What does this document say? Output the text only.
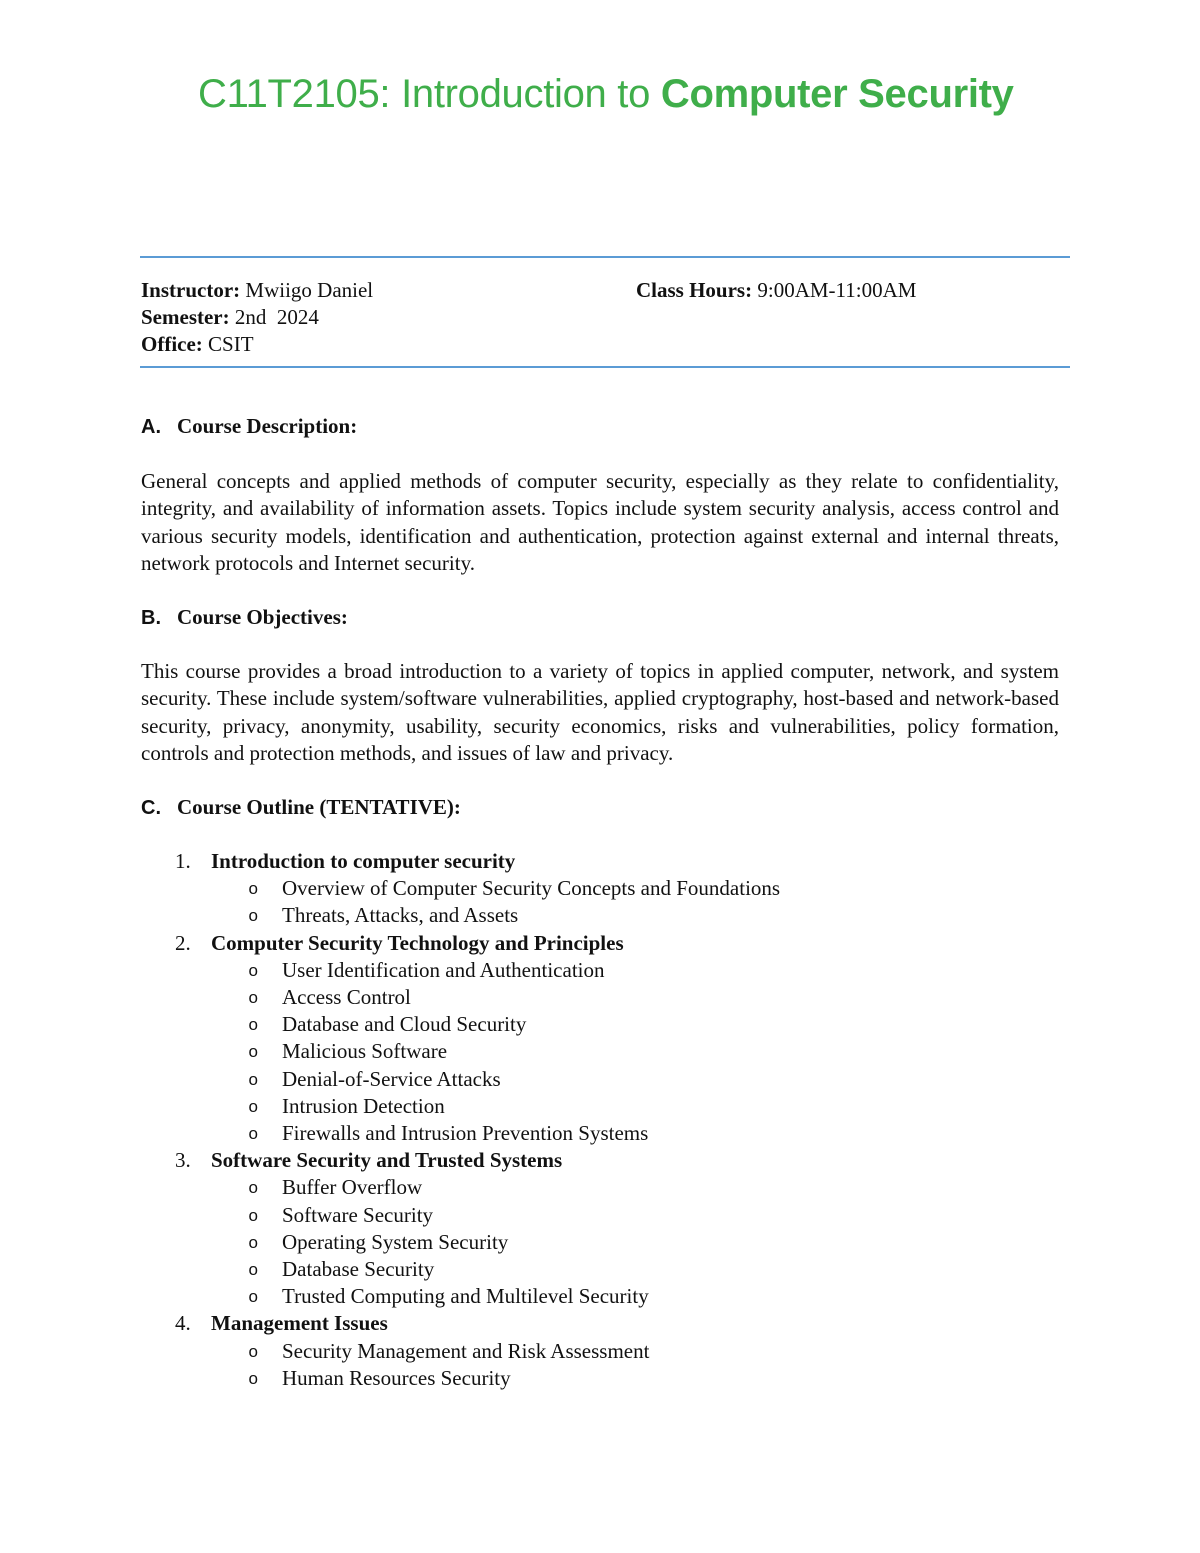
C11T2105: Introduction to Computer Security
Instructor: Mwiigo Daniel
Semester: 2nd  2024
Office: CSIT
Class Hours: 9:00AM-11:00AM
A. Course Description:
General concepts and applied methods of computer security, especially as they relate to confidentiality, integrity, and availability of information assets. Topics include system security analysis, access control and various security models, identification and authentication, protection against external and internal threats, network protocols and Internet security.
B. Course Objectives:
This course provides a broad introduction to a variety of topics in applied computer, network, and system security. These include system/software vulnerabilities, applied cryptography, host-based and network-based security, privacy, anonymity, usability, security economics, risks and vulnerabilities, policy formation, controls and protection methods, and issues of law and privacy.
C. Course Outline (TENTATIVE):
1. Introduction to computer security
o	Overview of Computer Security Concepts and Foundations
o	Threats, Attacks, and Assets
2. Computer Security Technology and Principles
o	User Identification and Authentication
o	Access Control
o	Database and Cloud Security
o	Malicious Software
o	Denial-of-Service Attacks
o	Intrusion Detection
o	Firewalls and Intrusion Prevention Systems
3. Software Security and Trusted Systems
o	Buffer Overflow
o	Software Security
o	Operating System Security
o	Database Security
o	Trusted Computing and Multilevel Security
4. Management Issues
o	Security Management and Risk Assessment
o	Human Resources Security
